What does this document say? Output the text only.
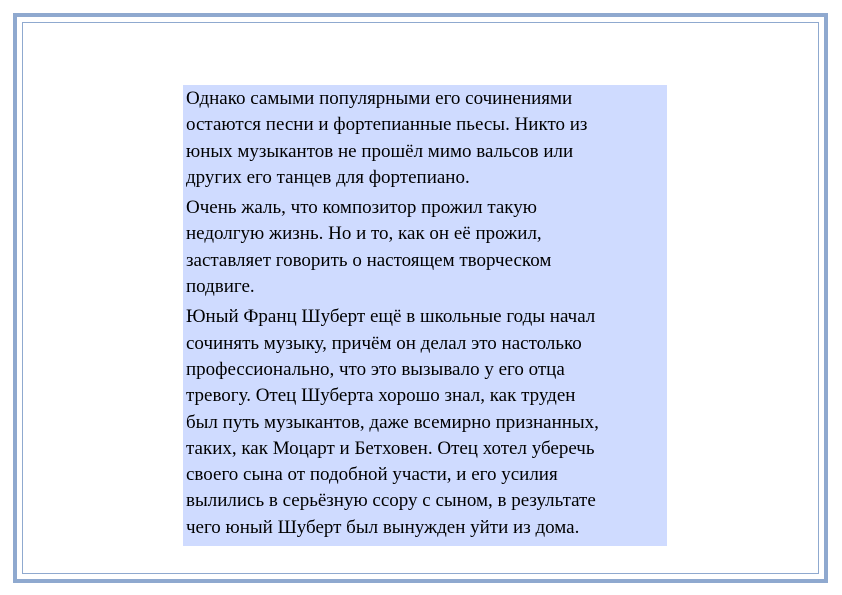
Однако самыми популярными его сочинениями
остаются песни и фортепианные пьесы. Никто из
юных музыкантов не прошёл мимо вальсов или
других его танцев для фортепиано.

Очень жаль, что композитор прожил такую
недолгую жизнь. Но и то, как он её прожил,
заставляет говорить о настоящем творческом
подвиге.

Юный Франц Шуберт ещё в школьные годы начал
сочинять музыку, причём он делал это настолько
профессионально, что это вызывало у его отца
тревогу. Отец Шуберта хорошо знал, как труден
был путь музыкантов, даже всемирно признанных,
таких, как Моцарт и Бетховен. Отец хотел уберечь
своего сына от подобной участи, и его усилия
вылились в серьёзную ссору с сыном, в результате
чего юный Шуберт был вынужден уйти из дома.
